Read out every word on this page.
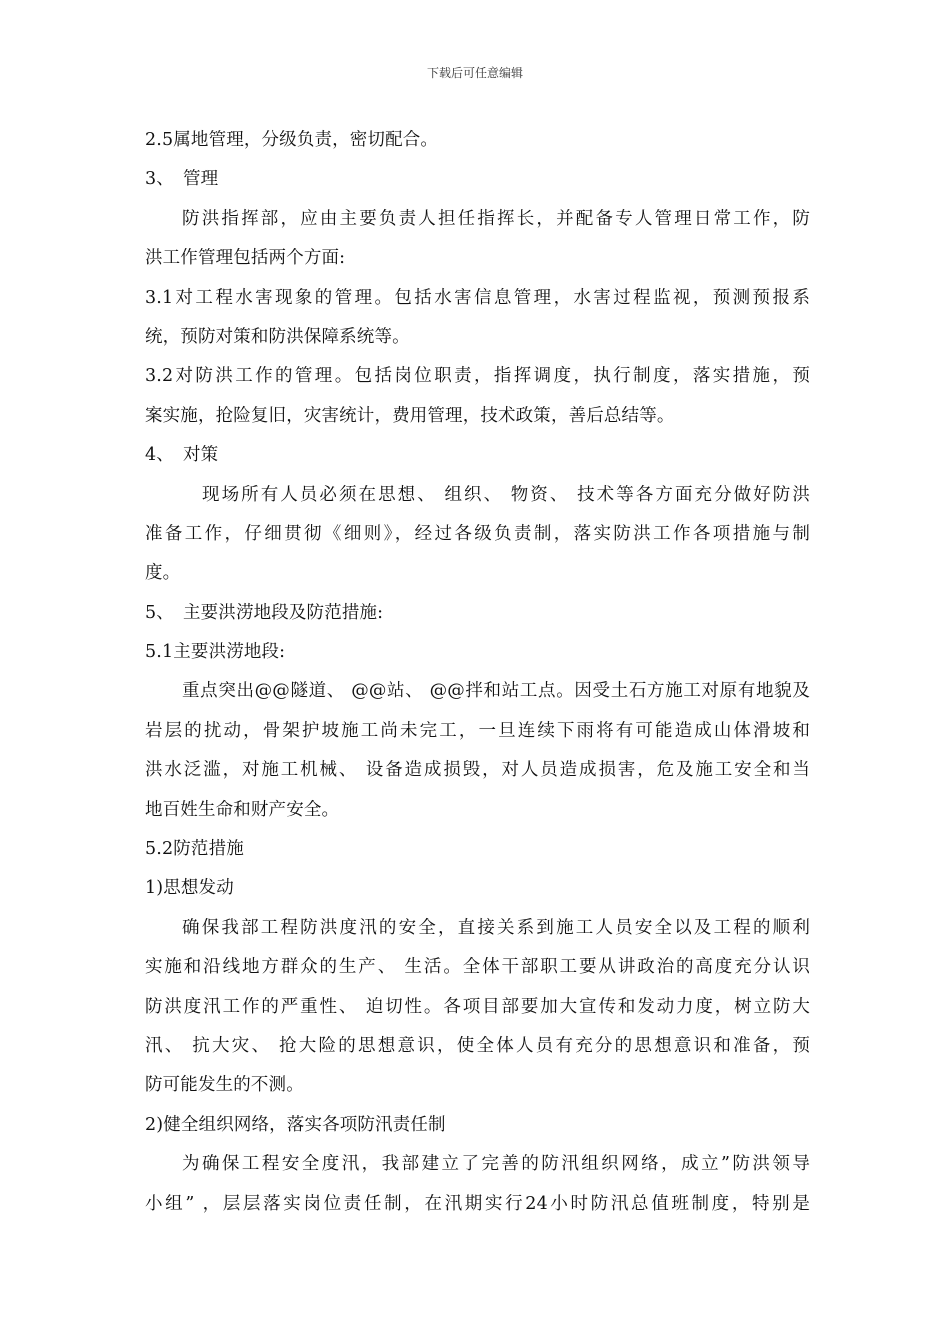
下载后可任意编辑
2.5属地管理，分级负责，密切配合。
3、 管理
防洪指挥部，应由主要负责人担任指挥长，并配备专人管理日常工作，防
洪工作管理包括两个方面:
3.1对工程水害现象的管理。包括水害信息管理，水害过程监视，预测预报系
统，预防对策和防洪保障系统等。
3.2对防洪工作的管理。包括岗位职责，指挥调度，执行制度，落实措施，预
案实施，抢险复旧，灾害统计，费用管理，技术政策，善后总结等。
4、 对策
现场所有人员必须在思想、 组织、 物资、 技术等各方面充分做好防洪
准备工作，仔细贯彻《细则》，经过各级负责制，落实防洪工作各项措施与制
度。
5、 主要洪涝地段及防范措施:
5.1主要洪涝地段:
重点突出@@隧道、 @@站、 @@拌和站工点。因受土石方施工对原有地貌及
岩层的扰动，骨架护坡施工尚未完工，一旦连续下雨将有可能造成山体滑坡和
洪水泛滥，对施工机械、 设备造成损毁，对人员造成损害，危及施工安全和当
地百姓生命和财产安全。
5.2防范措施
1)思想发动
确保我部工程防洪度汛的安全，直接关系到施工人员安全以及工程的顺利
实施和沿线地方群众的生产、 生活。全体干部职工要从讲政治的高度充分认识
防洪度汛工作的严重性、 迫切性。各项目部要加大宣传和发动力度，树立防大
汛、 抗大灾、 抢大险的思想意识，使全体人员有充分的思想意识和准备，预
防可能发生的不测。
2)健全组织网络，落实各项防汛责任制
为确保工程安全度汛，我部建立了完善的防汛组织网络，成立”防洪领导
小组” ，层层落实岗位责任制，在汛期实行24小时防汛总值班制度，特别是
